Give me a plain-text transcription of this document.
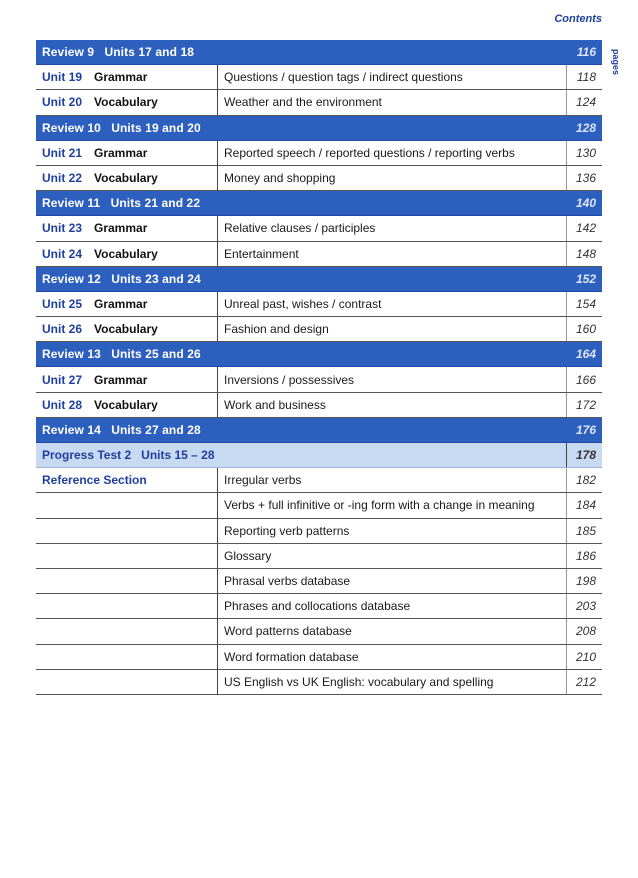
Contents
pages
Review 9   Units 17 and 18	116
Unit 19 Grammar	Questions / question tags / indirect questions	118
Unit 20 Vocabulary	Weather and the environment	124
Review 10   Units 19 and 20	128
Unit 21 Grammar	Reported speech / reported questions / reporting verbs	130
Unit 22 Vocabulary	Money and shopping	136
Review 11   Units 21 and 22	140
Unit 23 Grammar	Relative clauses / participles	142
Unit 24 Vocabulary	Entertainment	148
Review 12   Units 23 and 24	152
Unit 25 Grammar	Unreal past, wishes / contrast	154
Unit 26 Vocabulary	Fashion and design	160
Review 13   Units 25 and 26	164
Unit 27 Grammar	Inversions / possessives	166
Unit 28 Vocabulary	Work and business	172
Review 14   Units 27 and 28	176
Progress Test 2   Units 15 – 28	178
Reference Section	Irregular verbs	182
Verbs + full infinitive or -ing form with a change in meaning	184
Reporting verb patterns	185
Glossary	186
Phrasal verbs database	198
Phrases and collocations database	203
Word patterns database	208
Word formation database	210
US English vs UK English: vocabulary and spelling	212
